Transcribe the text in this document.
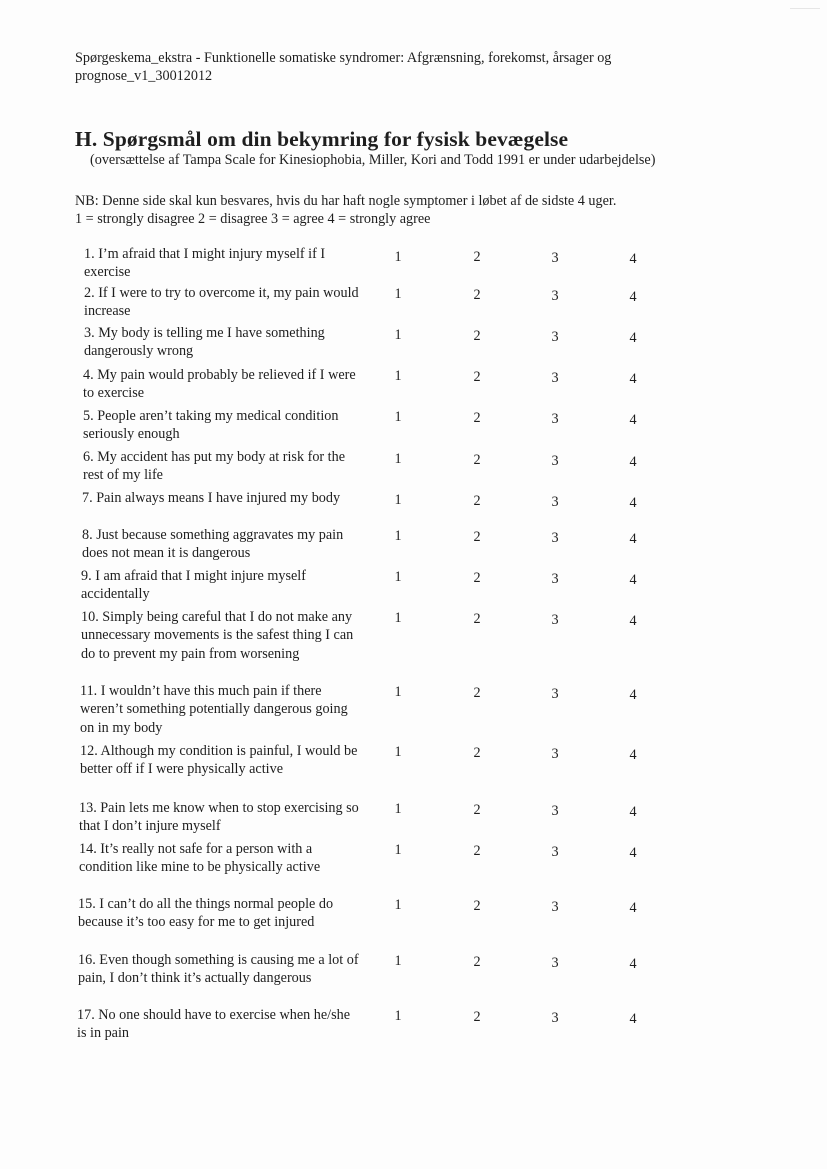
Spørgeskema_ekstra - Funktionelle somatiske syndromer: Afgrænsning, forekomst, årsager og
prognose_v1_30012012
H. Spørgsmål om din bekymring for fysisk bevægelse
(oversættelse af Tampa Scale for Kinesiophobia, Miller, Kori and Todd 1991 er under udarbejdelse)
NB: Denne side skal kun besvares, hvis du har haft nogle symptomer i løbet af de sidste 4 uger.
1 = strongly disagree 2 = disagree 3 = agree 4 = strongly agree
1. I’m afraid that I might injury myself if I exercise
1	2	3	4
2. If I were to try to overcome it, my pain would increase
1	2	3	4
3. My body is telling me I have something dangerously wrong
1	2	3	4
4. My pain would probably be relieved if I were to exercise
1	2	3	4
5. People aren’t taking my medical condition seriously enough
1	2	3	4
6. My accident has put my body at risk for the rest of my life
1	2	3	4
7. Pain always means I have injured my body	1	2	3	4
8. Just because something aggravates my pain does not mean it is dangerous
1	2	3	4
9. I am afraid that I might injure myself accidentally
1	2	3	4
10. Simply being careful that I do not make any unnecessary movements is the safest thing I can do to prevent my pain from worsening
1	2	3	4
11. I wouldn’t have this much pain if there weren’t something potentially dangerous going on in my body
1	2	3	4
12. Although my condition is painful, I would be better off if I were physically active
1	2	3	4
13. Pain lets me know when to stop exercising so that I don’t injure myself
1	2	3	4
14. It’s really not safe for a person with a condition like mine to be physically active
1	2	3	4
15. I can’t do all the things normal people do because it’s too easy for me to get injured
1	2	3	4
16. Even though something is causing me a lot of pain, I don’t think it’s actually dangerous
1	2	3	4
17. No one should have to exercise when he/she is in pain
1	2	3	4
